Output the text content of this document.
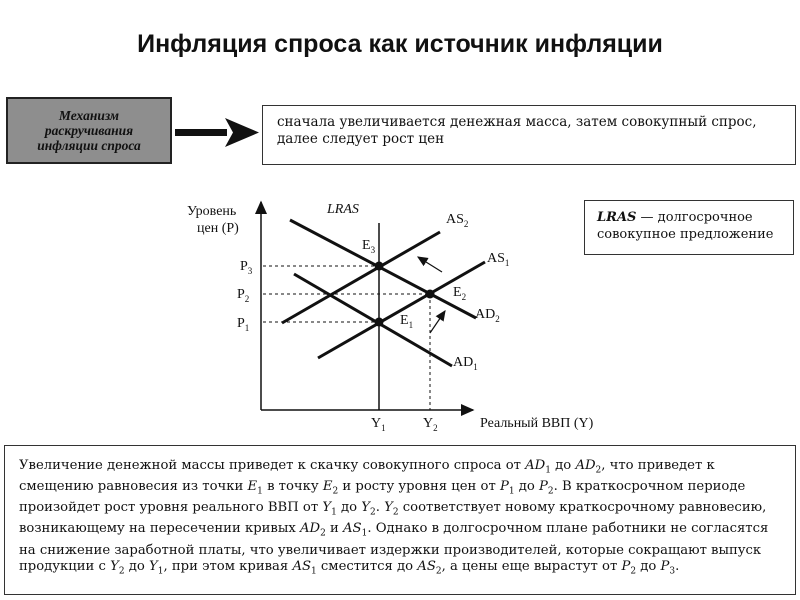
Инфляция спроса как источник инфляции
Механизм
раскручивания
инфляции спроса
сначала увеличивается денежная масса, затем совокупный спрос, далее следует рост цен
LRAS — долгосрочное совокупное предложение
Уровень
цен (P)
Реальный ВВП (Y)
LRAS
$AS_2$
$AS_1$
$AD_2$
$AD_1$
$E_3$
$E_2$
$E_1$
$P_3$
$P_2$
$P_1$
$Y_1$	$Y_2$
Увеличение денежной массы приведет к скачку совокупного спроса от $AD_1$ до $AD_2$, что приведет к смещению равновесия из точки $E_1$ в точку $E_2$ и росту уровня цен от $P_1$ до $P_2$. В краткосрочном периоде произойдет рост уровня реального ВВП от $Y_1$ до $Y_2$. $Y_2$ соответствует новому краткосрочному равновесию, возникающему на пересечении кривых $AD_2$ и $AS_1$. Однако в долгосрочном плане работники не согласятся на снижение заработной платы, что увеличивает издержки производителей, которые сокращают выпуск продукции с $Y_2$ до $Y_1$, при этом кривая $AS_1$ сместится до $AS_2$, а цены еще вырастут от $P_2$ до $P_3$.
